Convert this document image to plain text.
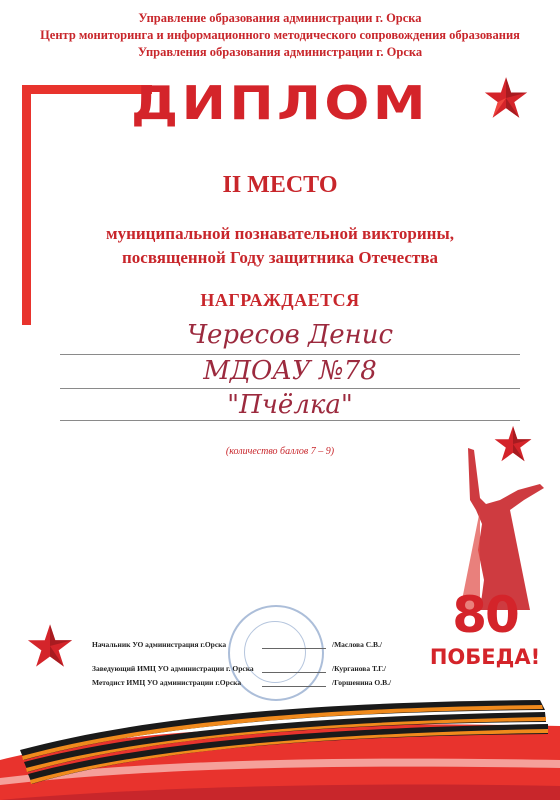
Управление образования администрации г. Орска
Центр мониторинга и информационного методического сопровождения образования
Управления образования администрации г. Орска
ДИПЛОМ
II МЕСТО
муниципальной познавательной викторины,
посвященной Году защитника Отечества
НАГРАЖДАЕТСЯ
Чересов Денис
МДОАУ №78
"Пчёлка"
(количество баллов 7 – 9)
Начальник УО администрация г.Орска	/Маслова С.В./
Заведующий ИМЦ УО администрации г. Орска	/Курганова Т.Г./
Методист ИМЦ УО администрации г.Орска	/Горшенина О.В./
80
ПОБЕДА!
